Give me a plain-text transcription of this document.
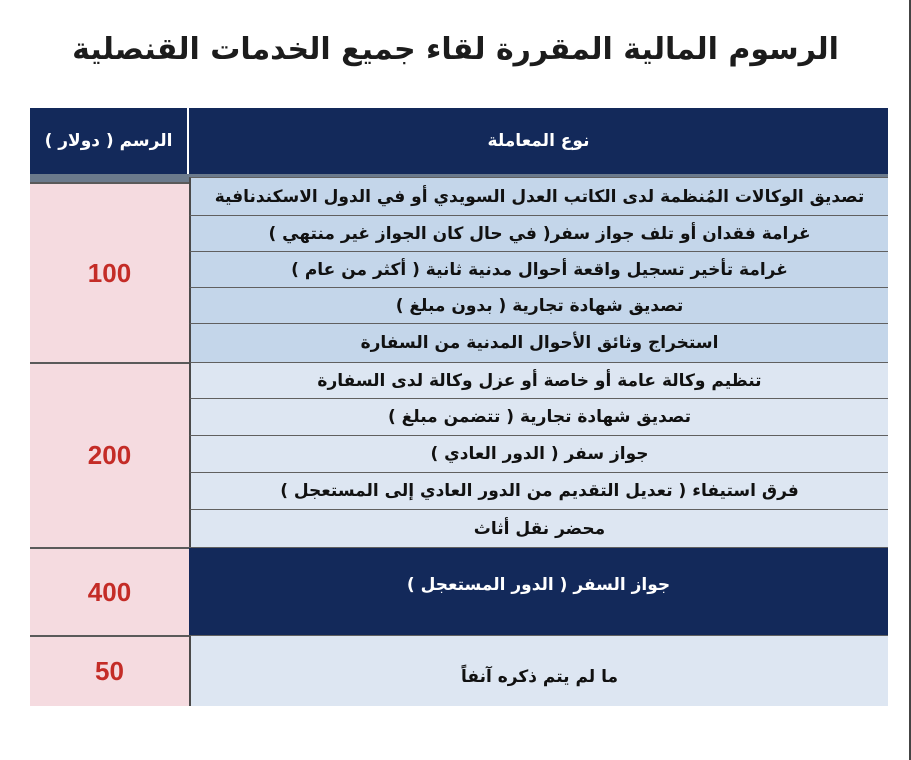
الرسوم المالية المقررة لقاء جميع الخدمات القنصلية
الرسم ( دولار )	نوع المعاملة
100
تصديق الوكالات المُنظمة لدى الكاتب العدل السويدي أو في الدول الاسكندنافية
غرامة فقدان أو تلف جواز سفر( في حال كان الجواز غير منتهي )
غرامة تأخير تسجيل واقعة أحوال مدنية ثانية ( أكثر من عام )
تصديق شهادة تجارية ( بدون مبلغ )
استخراج وثائق الأحوال المدنية من السفارة
200
تنظيم وكالة عامة أو خاصة أو عزل وكالة لدى السفارة
تصديق شهادة تجارية ( تتضمن مبلغ )
جواز سفر ( الدور العادي )
فرق استيفاء ( تعديل التقديم من الدور العادي إلى المستعجل )
محضر نقل أثاث
400	جواز السفر ( الدور المستعجل )
50	ما لم يتم ذكره آنفاً
